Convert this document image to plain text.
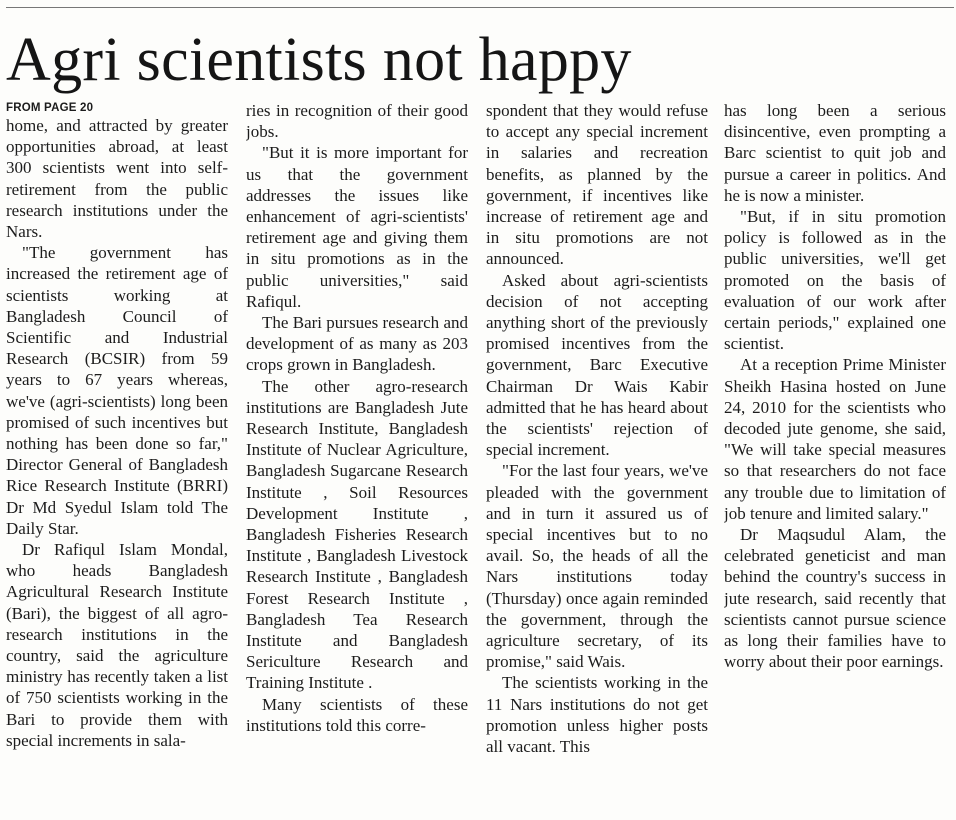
Agri scientists not happy
FROM PAGE 20

home, and attracted by greater opportunities abroad, at least 300 scientists went into self-retirement from the public research institutions under the Nars.

"The government has increased the retirement age of scientists working at Bangladesh Council of Scientific and Industrial Research (BCSIR) from 59 years to 67 years whereas, we've (agri-scientists) long been promised of such incentives but nothing has been done so far," Director General of Bangladesh Rice Research Institute (BRRI) Dr Md Syedul Islam told The Daily Star.

Dr Rafiqul Islam Mondal, who heads Bangladesh Agricultural Research Institute (Bari), the biggest of all agro-research institutions in the country, said the agriculture ministry has recently taken a list of 750 scientists working in the Bari to provide them with special increments in sala-

ries in recognition of their good jobs.

"But it is more important for us that the government addresses the issues like enhancement of agri-scientists' retirement age and giving them in situ promotions as in the public universities," said Rafiqul.

The Bari pursues research and development of as many as 203 crops grown in Bangladesh.

The other agro-research institutions are Bangladesh Jute Research Institute, Bangladesh Institute of Nuclear Agriculture, Bangladesh Sugarcane Research Institute , Soil Resources Development Institute , Bangladesh Fisheries Research Institute , Bangladesh Livestock Research Institute , Bangladesh Forest Research Institute , Bangladesh Tea Research Institute and Bangladesh Sericulture Research and Training Institute .

Many scientists of these institutions told this corre-

spondent that they would refuse to accept any special increment in salaries and recreation benefits, as planned by the government, if incentives like increase of retirement age and in situ promotions are not announced.

Asked about agri-scientists decision of not accepting anything short of the previously promised incentives from the government, Barc Executive Chairman Dr Wais Kabir admitted that he has heard about the scientists' rejection of special increment.

"For the last four years, we've pleaded with the government and in turn it assured us of special incentives but to no avail. So, the heads of all the Nars institutions today (Thursday) once again reminded the government, through the agriculture secretary, of its promise," said Wais.

The scientists working in the 11 Nars institutions do not get promotion unless higher posts all vacant. This

has long been a serious disincentive, even prompting a Barc scientist to quit job and pursue a career in politics. And he is now a minister.

"But, if in situ promotion policy is followed as in the public universities, we'll get promoted on the basis of evaluation of our work after certain periods," explained one scientist.

At a reception Prime Minister Sheikh Hasina hosted on June 24, 2010 for the scientists who decoded jute genome, she said, "We will take special measures so that researchers do not face any trouble due to limitation of job tenure and limited salary."

Dr Maqsudul Alam, the celebrated geneticist and man behind the country's success in jute research, said recently that scientists cannot pursue science as long their families have to worry about their poor earnings.
